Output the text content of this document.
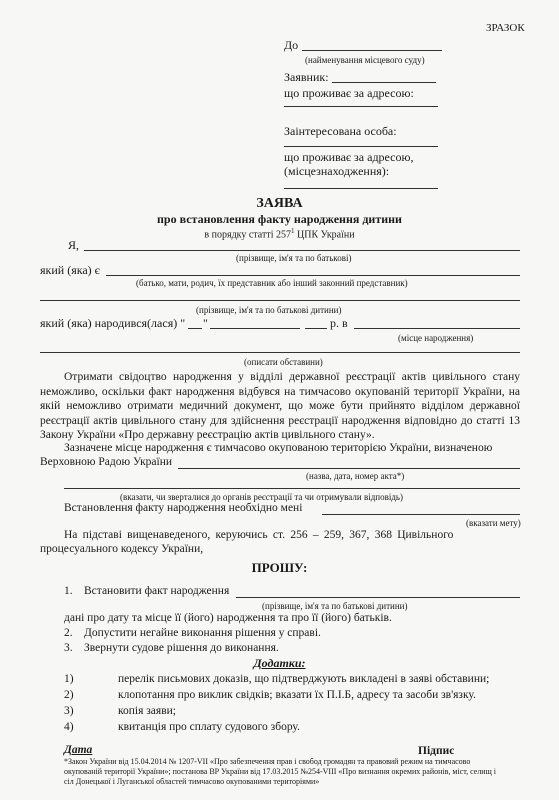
ЗРАЗОК
До
(найменування місцевого суду)
Заявник:
що проживає за адресою:
Заінтересована особа:
що проживає за адресою,
(місцезнаходження):
ЗАЯВА
про встановлення факту народження дитини
в порядку статті $257^1$ ЦПК України
Я,
(прізвище, ім'я та по батькові)
який (яка) є
(батько, мати, родич, їх представник або інший законний представник)
(прізвище, ім'я та по батькові дитини)
який (яка) народився(лася) " "	р. в
(місце народження)
(описати обставини)
Отримати свідоцтво народження у відділі державної реєстрації актів цивільного стану неможливо, оскільки факт народження відбувся на тимчасово окупованій території України, на якій неможливо отримати медичний документ, що може бути прийнято відділом державної реєстрації актів цивільного стану для здійснення реєстрації народження відповідно до статті 13 Закону України «Про державну реєстрацію актів цивільного стану».
Зазначене місце народження є тимчасово окупованою територією України, визначеною
Верховною Радою України
(назва, дата, номер акта*)
(вказати, чи зверталися до органів реєстрації та чи отримували відповідь)
Встановлення факту народження необхідно мені
(вказати мету)
На підставі вищенаведеного, керуючись ст. 256 – 259, 367, 368 Цивільного
процесуального кодексу України,
ПРОШУ:
1. Встановити факт народження
(прізвище, ім'я та по батькові дитини)
дані про дату та місце її (його) народження та про її (його) батьків.
2. Допустити негайне виконання рішення у справі.
3. Звернути судове рішення до виконання.
Додатки:
1)	перелік письмових доказів, що підтверджують викладені в заяві обставини;
2)	клопотання про виклик свідків; вказати їх П.І.Б, адресу та засоби зв'язку.
3)	копія заяви;
4)	квитанція про сплату судового збору.
Дата	Підпис
*Закон України від 15.04.2014 № 1207-VII «Про забезпечення прав і свобод громадян та правовий режим на тимчасово
окупованій території України»; постанова ВР України від 17.03.2015 №254-VIII «Про визнання окремих районів, міст, селищ і
сіл Донецької і Луганської областей тимчасово окупованими територіями»
